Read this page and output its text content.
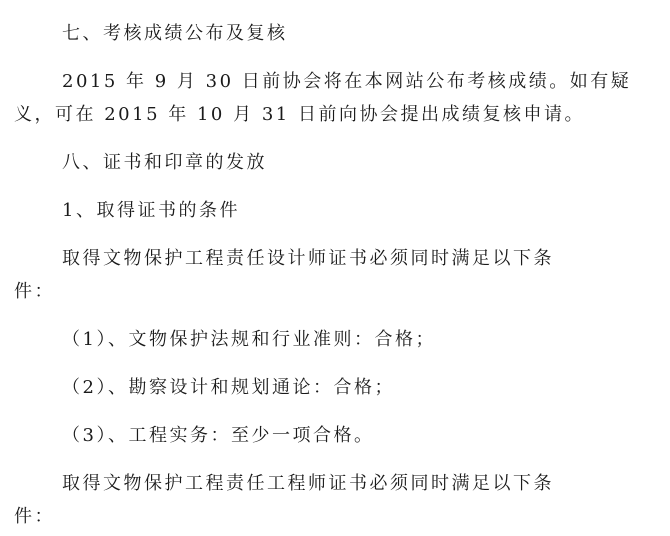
七、考核成绩公布及复核

2015 年 9 月 30 日前协会将在本网站公布考核成绩。如有疑
义，可在 2015 年 10 月 31 日前向协会提出成绩复核申请。

八、证书和印章的发放

1、取得证书的条件

取得文物保护工程责任设计师证书必须同时满足以下条
件：

（1）、文物保护法规和行业准则：合格；

（2）、勘察设计和规划通论：合格；

（3）、工程实务：至少一项合格。

取得文物保护工程责任工程师证书必须同时满足以下条
件：
